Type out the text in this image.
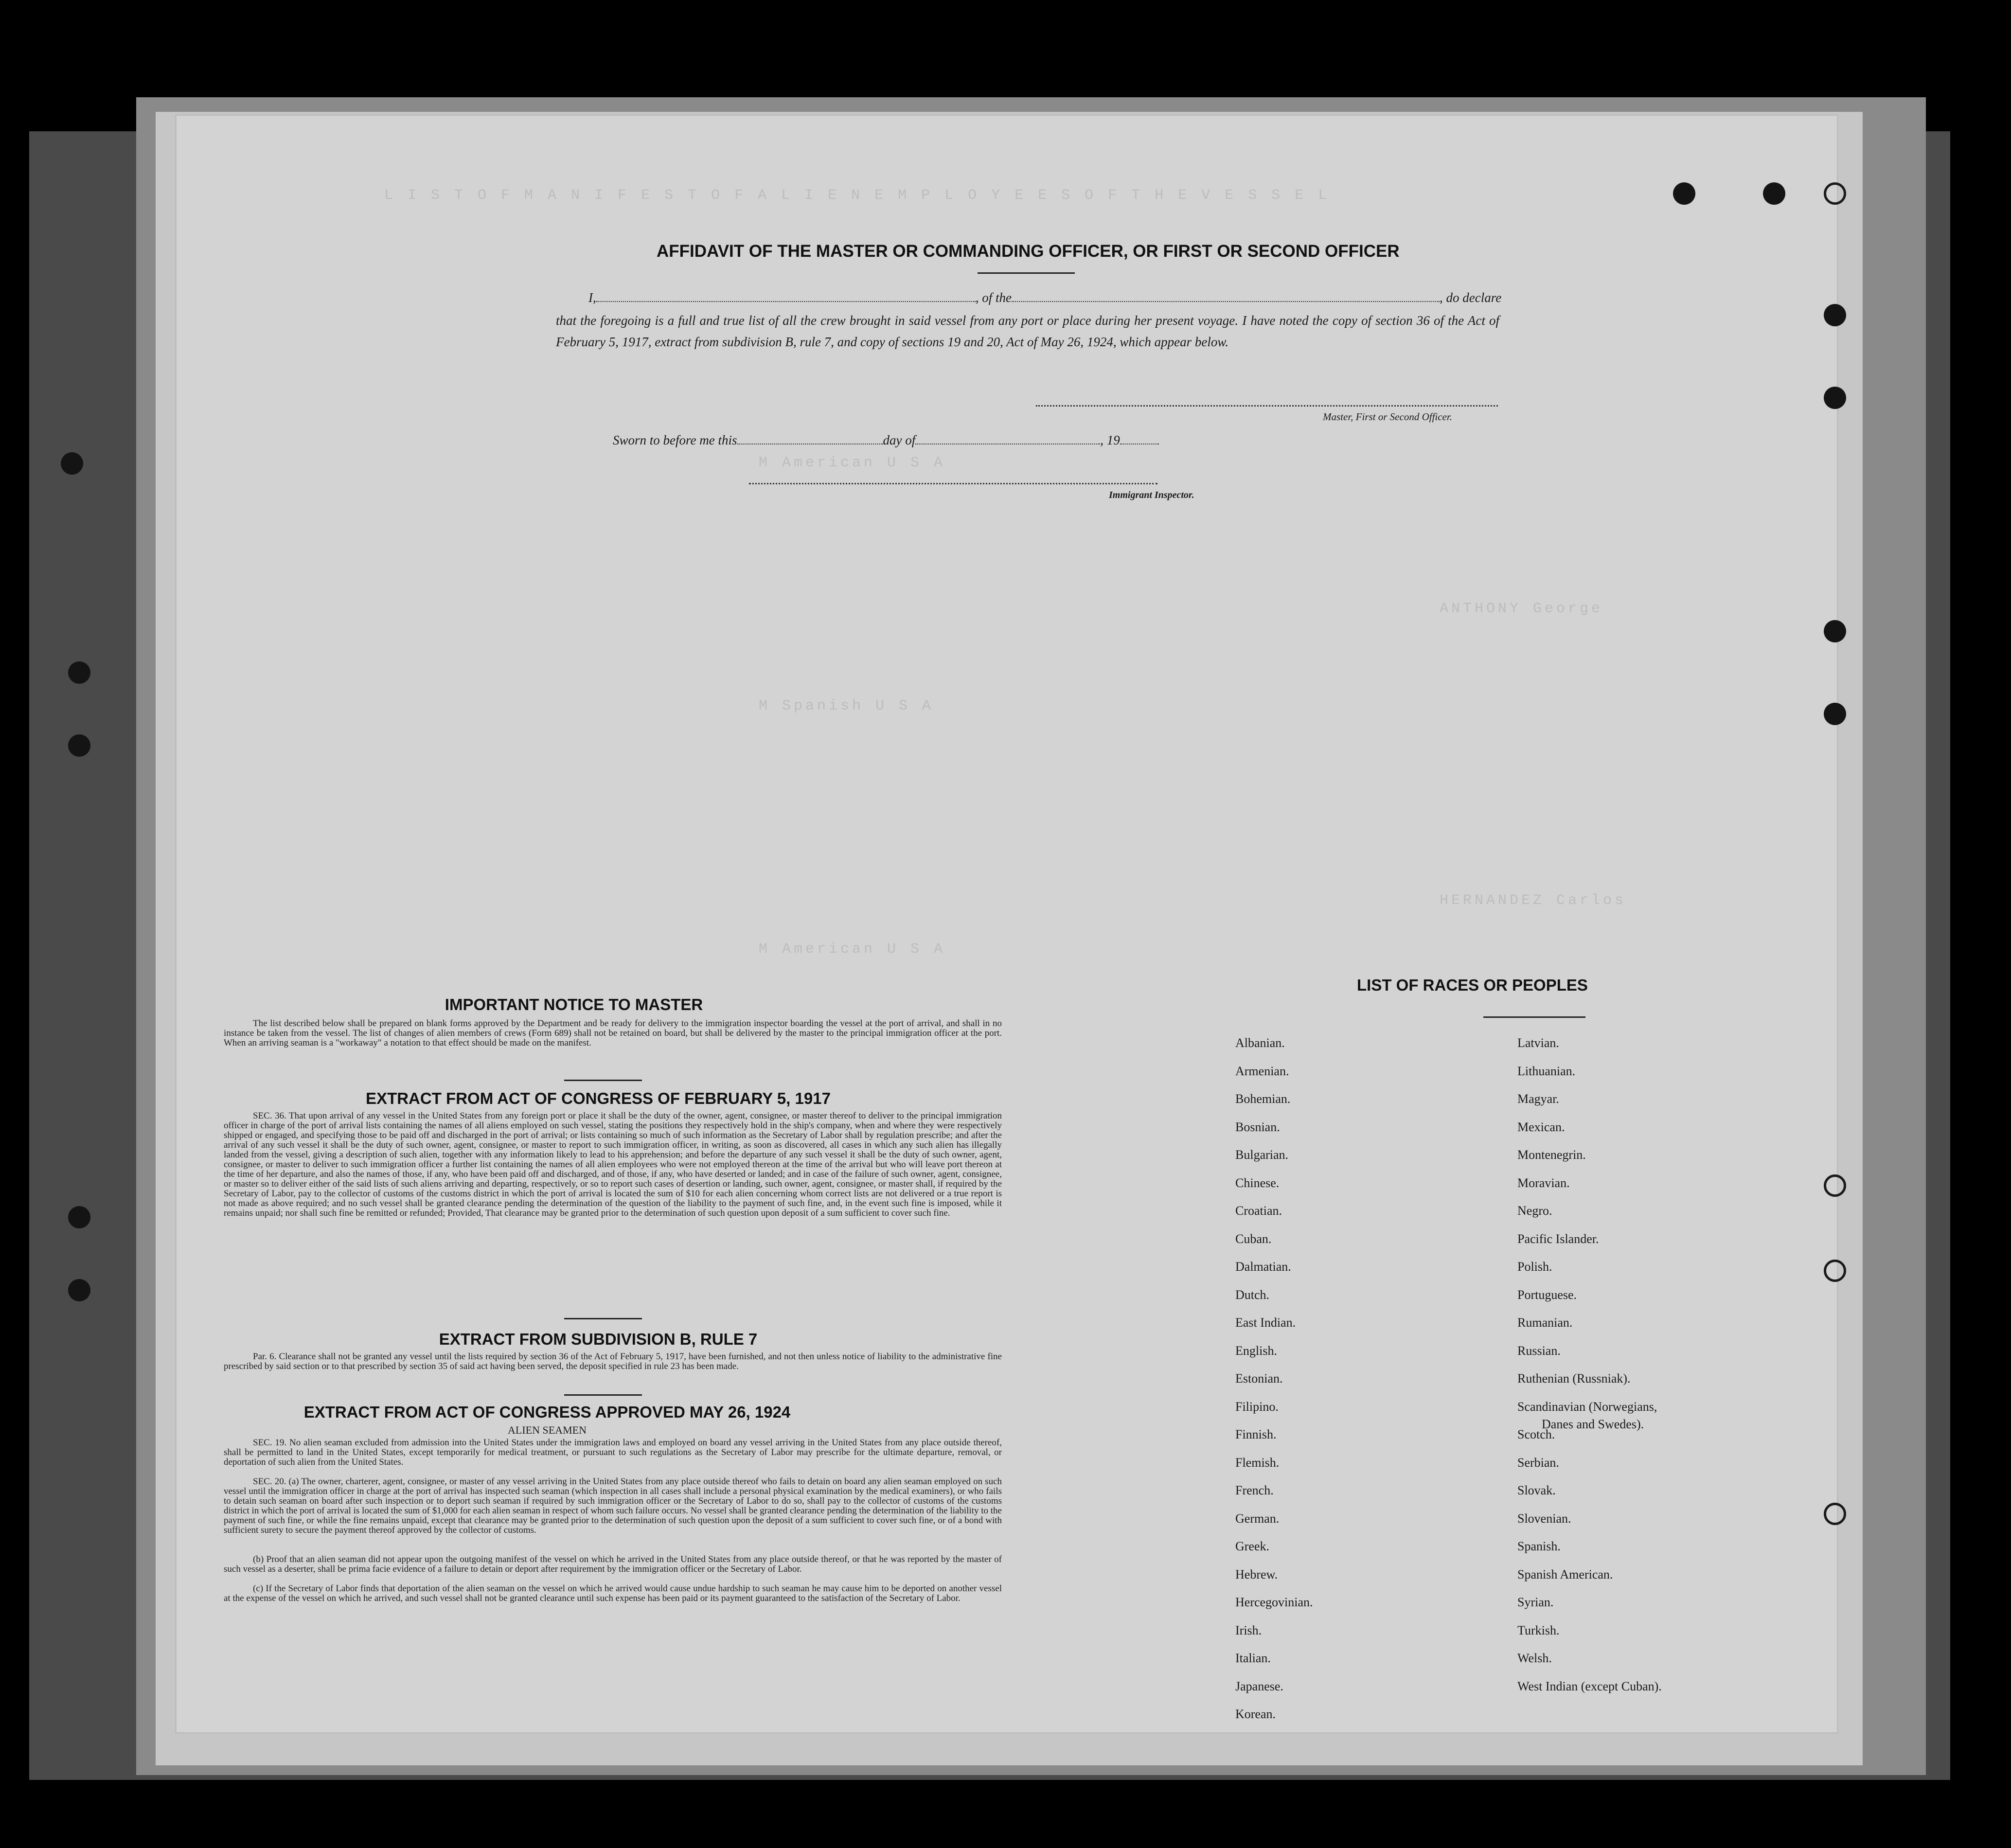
L I S T O F M A N I F E S T O F A L I E N E M P L O Y E E S O F T H E V E S S E L
M American U S A
M Spanish U S A
M American U S A
ANTHONY George
HERNANDEZ Carlos
AFFIDAVIT OF THE MASTER OR COMMANDING OFFICER, OR FIRST OR SECOND OFFICER
I,	, of the	, do declare
that the foregoing is a full and true list of all the crew brought in said vessel from any port or place during her present voyage. I have noted the copy of section 36 of the Act of February 5, 1917, extract from subdivision B, rule 7, and copy of sections 19 and 20, Act of May 26, 1924, which appear below.
Master, First or Second Officer.
Sworn to before me this	day of	, 19
Immigrant Inspector.
IMPORTANT NOTICE TO MASTER
The list described below shall be prepared on blank forms approved by the Department and be ready for delivery to the immigration inspector boarding the vessel at the port of arrival, and shall in no instance be taken from the vessel. The list of changes of alien members of crews (Form 689) shall not be retained on board, but shall be delivered by the master to the principal immigration officer at the port. When an arriving seaman is a "workaway" a notation to that effect should be made on the manifest.
EXTRACT FROM ACT OF CONGRESS OF FEBRUARY 5, 1917
SEC. 36. That upon arrival of any vessel in the United States from any foreign port or place it shall be the duty of the owner, agent, consignee, or master thereof to deliver to the principal immigration officer in charge of the port of arrival lists containing the names of all aliens employed on such vessel, stating the positions they respectively hold in the ship's company, when and where they were respectively shipped or engaged, and specifying those to be paid off and discharged in the port of arrival; or lists containing so much of such information as the Secretary of Labor shall by regulation prescribe; and after the arrival of any such vessel it shall be the duty of such owner, agent, consignee, or master to report to such immigration officer, in writing, as soon as discovered, all cases in which any such alien has illegally landed from the vessel, giving a description of such alien, together with any information likely to lead to his apprehension; and before the departure of any such vessel it shall be the duty of such owner, agent, consignee, or master to deliver to such immigration officer a further list containing the names of all alien employees who were not employed thereon at the time of the arrival but who will leave port thereon at the time of her departure, and also the names of those, if any, who have been paid off and discharged, and of those, if any, who have deserted or landed; and in case of the failure of such owner, agent, consignee, or master so to deliver either of the said lists of such aliens arriving and departing, respectively, or so to report such cases of desertion or landing, such owner, agent, consignee, or master shall, if required by the Secretary of Labor, pay to the collector of customs of the customs district in which the port of arrival is located the sum of $10 for each alien concerning whom correct lists are not delivered or a true report is not made as above required; and no such vessel shall be granted clearance pending the determination of the question of the liability to the payment of such fine, and, in the event such fine is imposed, while it remains unpaid; nor shall such fine be remitted or refunded; Provided, That clearance may be granted prior to the determination of such question upon deposit of a sum sufficient to cover such fine.
EXTRACT FROM SUBDIVISION B, RULE 7
Par. 6. Clearance shall not be granted any vessel until the lists required by section 36 of the Act of February 5, 1917, have been furnished, and not then unless notice of liability to the administrative fine prescribed by said section or to that prescribed by section 35 of said act having been served, the deposit specified in rule 23 has been made.
EXTRACT FROM ACT OF CONGRESS APPROVED MAY 26, 1924
ALIEN SEAMEN
SEC. 19. No alien seaman excluded from admission into the United States under the immigration laws and employed on board any vessel arriving in the United States from any place outside thereof, shall be permitted to land in the United States, except temporarily for medical treatment, or pursuant to such regulations as the Secretary of Labor may prescribe for the ultimate departure, removal, or deportation of such alien from the United States.
SEC. 20. (a) The owner, charterer, agent, consignee, or master of any vessel arriving in the United States from any place outside thereof who fails to detain on board any alien seaman employed on such vessel until the immigration officer in charge at the port of arrival has inspected such seaman (which inspection in all cases shall include a personal physical examination by the medical examiners), or who fails to detain such seaman on board after such inspection or to deport such seaman if required by such immigration officer or the Secretary of Labor to do so, shall pay to the collector of customs of the customs district in which the port of arrival is located the sum of $1,000 for each alien seaman in respect of whom such failure occurs. No vessel shall be granted clearance pending the determination of the liability to the payment of such fine, or while the fine remains unpaid, except that clearance may be granted prior to the determination of such question upon the deposit of a sum sufficient to cover such fine, or of a bond with sufficient surety to secure the payment thereof approved by the collector of customs.
(b) Proof that an alien seaman did not appear upon the outgoing manifest of the vessel on which he arrived in the United States from any place outside thereof, or that he was reported by the master of such vessel as a deserter, shall be prima facie evidence of a failure to detain or deport after requirement by the immigration officer or the Secretary of Labor.
(c) If the Secretary of Labor finds that deportation of the alien seaman on the vessel on which he arrived would cause undue hardship to such seaman he may cause him to be deported on another vessel at the expense of the vessel on which he arrived, and such vessel shall not be granted clearance until such expense has been paid or its payment guaranteed to the satisfaction of the Secretary of Labor.
LIST OF RACES OR PEOPLES
Albanian.
Armenian.
Bohemian.
Bosnian.
Bulgarian.
Chinese.
Croatian.
Cuban.
Dalmatian.
Dutch.
East Indian.
English.
Estonian.
Filipino.
Finnish.
Flemish.
French.
German.
Greek.
Hebrew.
Hercegovinian.
Irish.
Italian.
Japanese.
Korean.
Latvian.
Lithuanian.
Magyar.
Mexican.
Montenegrin.
Moravian.
Negro.
Pacific Islander.
Polish.
Portuguese.
Rumanian.
Russian.
Ruthenian (Russniak).
Scandinavian (Norwegians,
Danes and Swedes).
Scotch.
Serbian.
Slovak.
Slovenian.
Spanish.
Spanish American.
Syrian.
Turkish.
Welsh.
West Indian (except Cuban).
